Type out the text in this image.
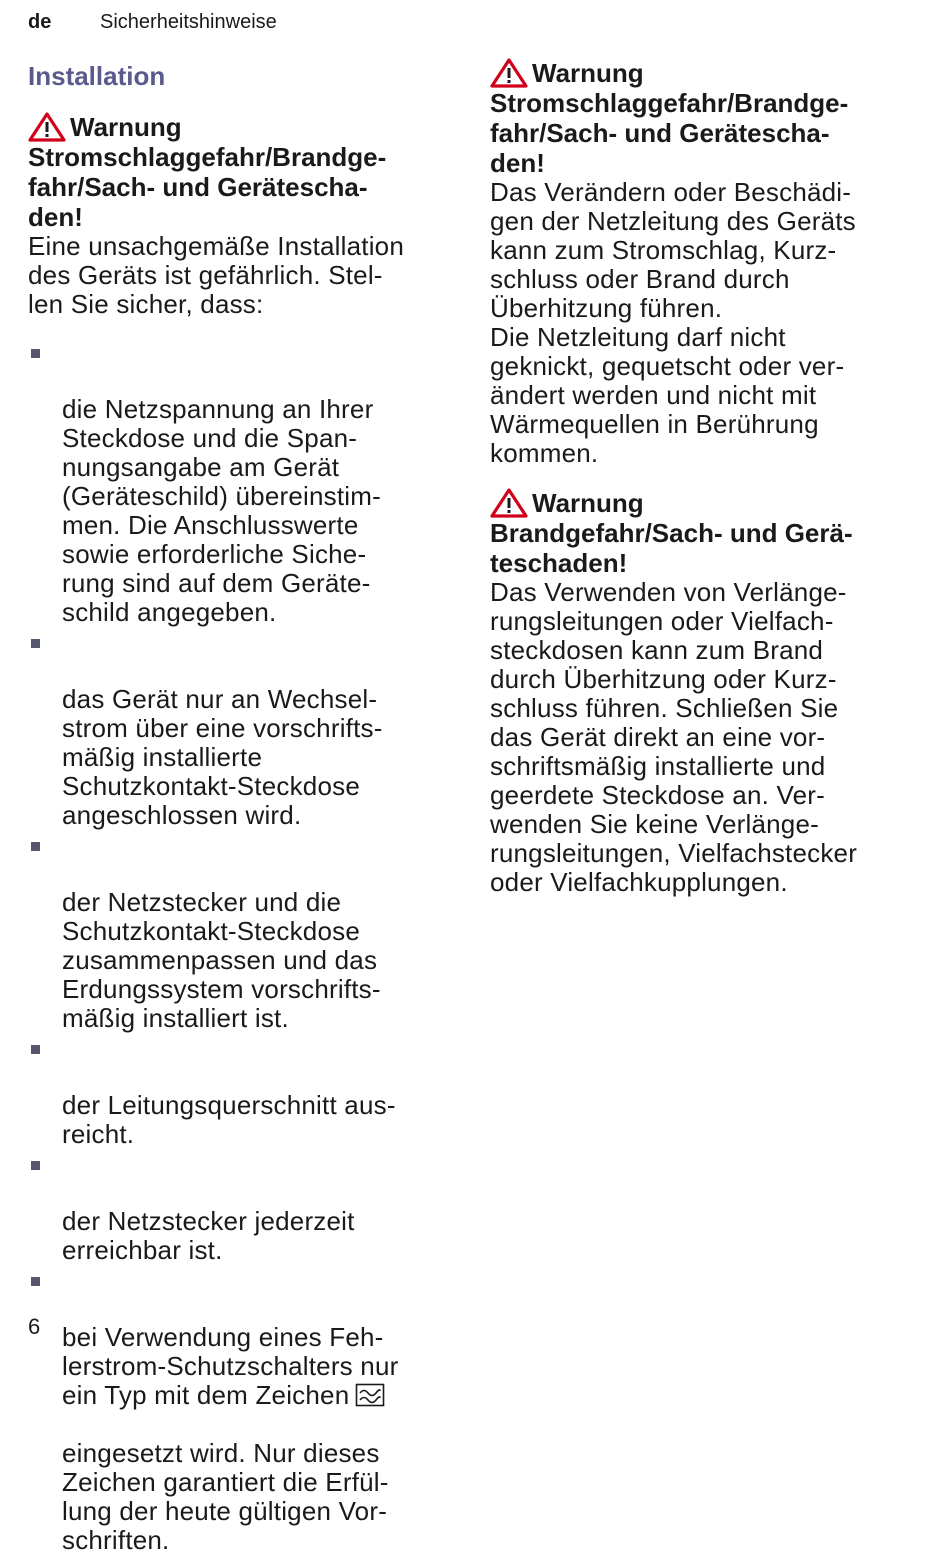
de	Sicherheitshinweise
Installation
Warnung
Stromschlaggefahr/Brandge-
fahr/Sach- und Gerätescha-
den!
Eine unsachgemäße Installation
des Geräts ist gefährlich. Stel-
len Sie sicher, dass:

die Netzspannung an Ihrer
Steckdose und die Span-
nungsangabe am Gerät
(Geräteschild) übereinstim-
men. Die Anschlusswerte
sowie erforderliche Siche-
rung sind auf dem Geräte-
schild angegeben.

das Gerät nur an Wechsel-
strom über eine vorschrifts-
mäßig installierte
Schutzkontakt-Steckdose
angeschlossen wird.

der Netzstecker und die
Schutzkontakt-Steckdose
zusammenpassen und das
Erdungssystem vorschrifts-
mäßig installiert ist.

der Leitungsquerschnitt aus-
reicht.

der Netzstecker jederzeit
erreichbar ist.

bei Verwendung eines Feh-
lerstrom-Schutzschalters nur
ein Typ mit dem Zeichen

eingesetzt wird. Nur dieses
Zeichen garantiert die Erfül-
lung der heute gültigen Vor-
schriften.

Warnung
Stromschlaggefahr/Brandge-
fahr/Sach- und Gerätescha-
den!
Das Verändern oder Beschädi-
gen der Netzleitung des Geräts
kann zum Stromschlag, Kurz-
schluss oder Brand durch
Überhitzung führen.
Die Netzleitung darf nicht
geknickt, gequetscht oder ver-
ändert werden und nicht mit
Wärmequellen in Berührung
kommen.
Warnung
Brandgefahr/Sach- und Gerä-
teschaden!
Das Verwenden von Verlänge-
rungsleitungen oder Vielfach-
steckdosen kann zum Brand
durch Überhitzung oder Kurz-
schluss führen. Schließen Sie
das Gerät direkt an eine vor-
schriftsmäßig installierte und
geerdete Steckdose an. Ver-
wenden Sie keine Verlänge-
rungsleitungen, Vielfachstecker
oder Vielfachkupplungen.
6
